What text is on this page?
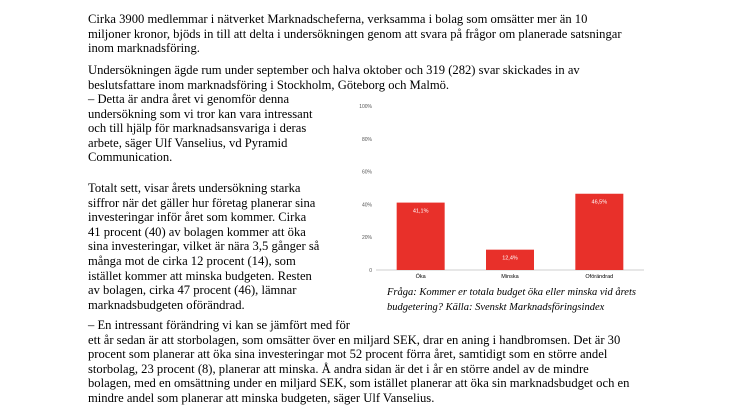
Cirka 3900 medlemmar i nätverket Marknadscheferna, verksamma i bolag som omsätter mer än 10
miljoner kronor, bjöds in till att delta i undersökningen genom att svara på frågor om planerade satsningar
inom marknadsföring.
Undersökningen ägde rum under september och halva oktober och 319 (282) svar skickades in av
beslutsfattare inom marknadsföring i Stockholm, Göteborg och Malmö.
– Detta är andra året vi genomför denna
undersökning som vi tror kan vara intressant
och till hjälp för marknadsansvariga i deras
arbete, säger Ulf Vanselius, vd Pyramid
Communication.
Totalt sett, visar årets undersökning starka
siffror när det gäller hur företag planerar sina
investeringar inför året som kommer. Cirka
41 procent (40) av bolagen kommer att öka
sina investeringar, vilket är nära 3,5 gånger så
många mot de cirka 12 procent (14), som
istället kommer att minska budgeten. Resten
av bolagen, cirka 47 procent (46), lämnar
marknadsbudgeten oförändrad.
– En intressant förändring vi kan se jämfört med för
ett år sedan är att storbolagen, som omsätter över en miljard SEK, drar en aning i handbromsen. Det är 30
procent som planerar att öka sina investeringar mot 52 procent förra året, samtidigt som en större andel
storbolag, 23 procent (8), planerar att minska. Å andra sidan är det i år en större andel av de mindre
bolagen, med en omsättning under en miljard SEK, som istället planerar att öka sin marknadsbudget och en
mindre andel som planerar att minska budgeten, säger Ulf Vanselius.
0
20%
40%
60%
80%
100%
41,1%
Öka
12,4%
Minska
46,5%
Oförändrad
Fråga: Kommer er totala budget öka eller minska vid årets
budgetering? Källa: Svenskt Marknadsföringsindex
